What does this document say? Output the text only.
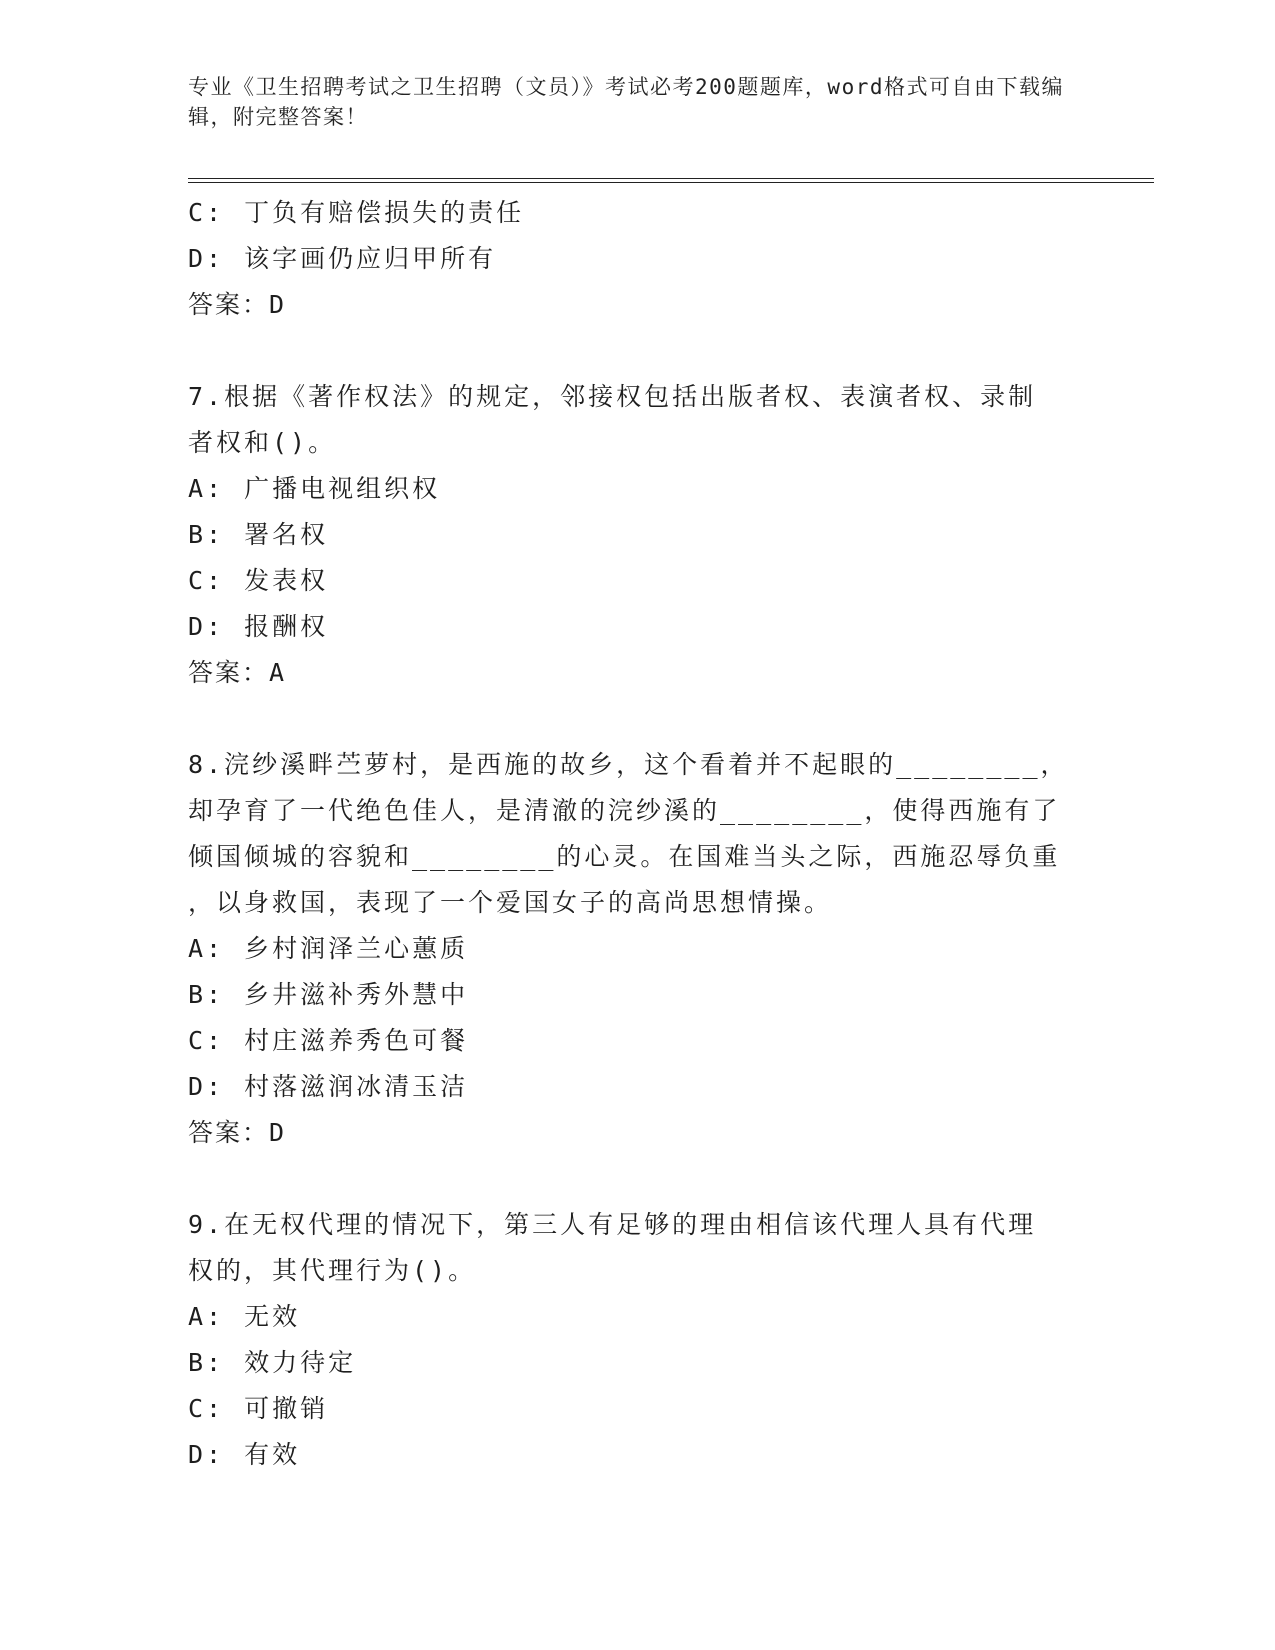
专业《卫生招聘考试之卫生招聘（文员）》考试必考200题题库，word格式可自由下载编辑，附完整答案！
C: 丁负有赔偿损失的责任
D: 该字画仍应归甲所有
答案：D
7.根据《著作权法》的规定，邻接权包括出版者权、表演者权、录制
者权和()。
A: 广播电视组织权
B: 署名权
C: 发表权
D: 报酬权
答案：A
8.浣纱溪畔苎萝村，是西施的故乡，这个看着并不起眼的________，
却孕育了一代绝色佳人，是清澈的浣纱溪的________，使得西施有了
倾国倾城的容貌和________的心灵。在国难当头之际，西施忍辱负重
，以身救国，表现了一个爱国女子的高尚思想情操。
A: 乡村润泽兰心蕙质
B: 乡井滋补秀外慧中
C: 村庄滋养秀色可餐
D: 村落滋润冰清玉洁
答案：D
9.在无权代理的情况下，第三人有足够的理由相信该代理人具有代理
权的，其代理行为()。
A: 无效
B: 效力待定
C: 可撤销
D: 有效
